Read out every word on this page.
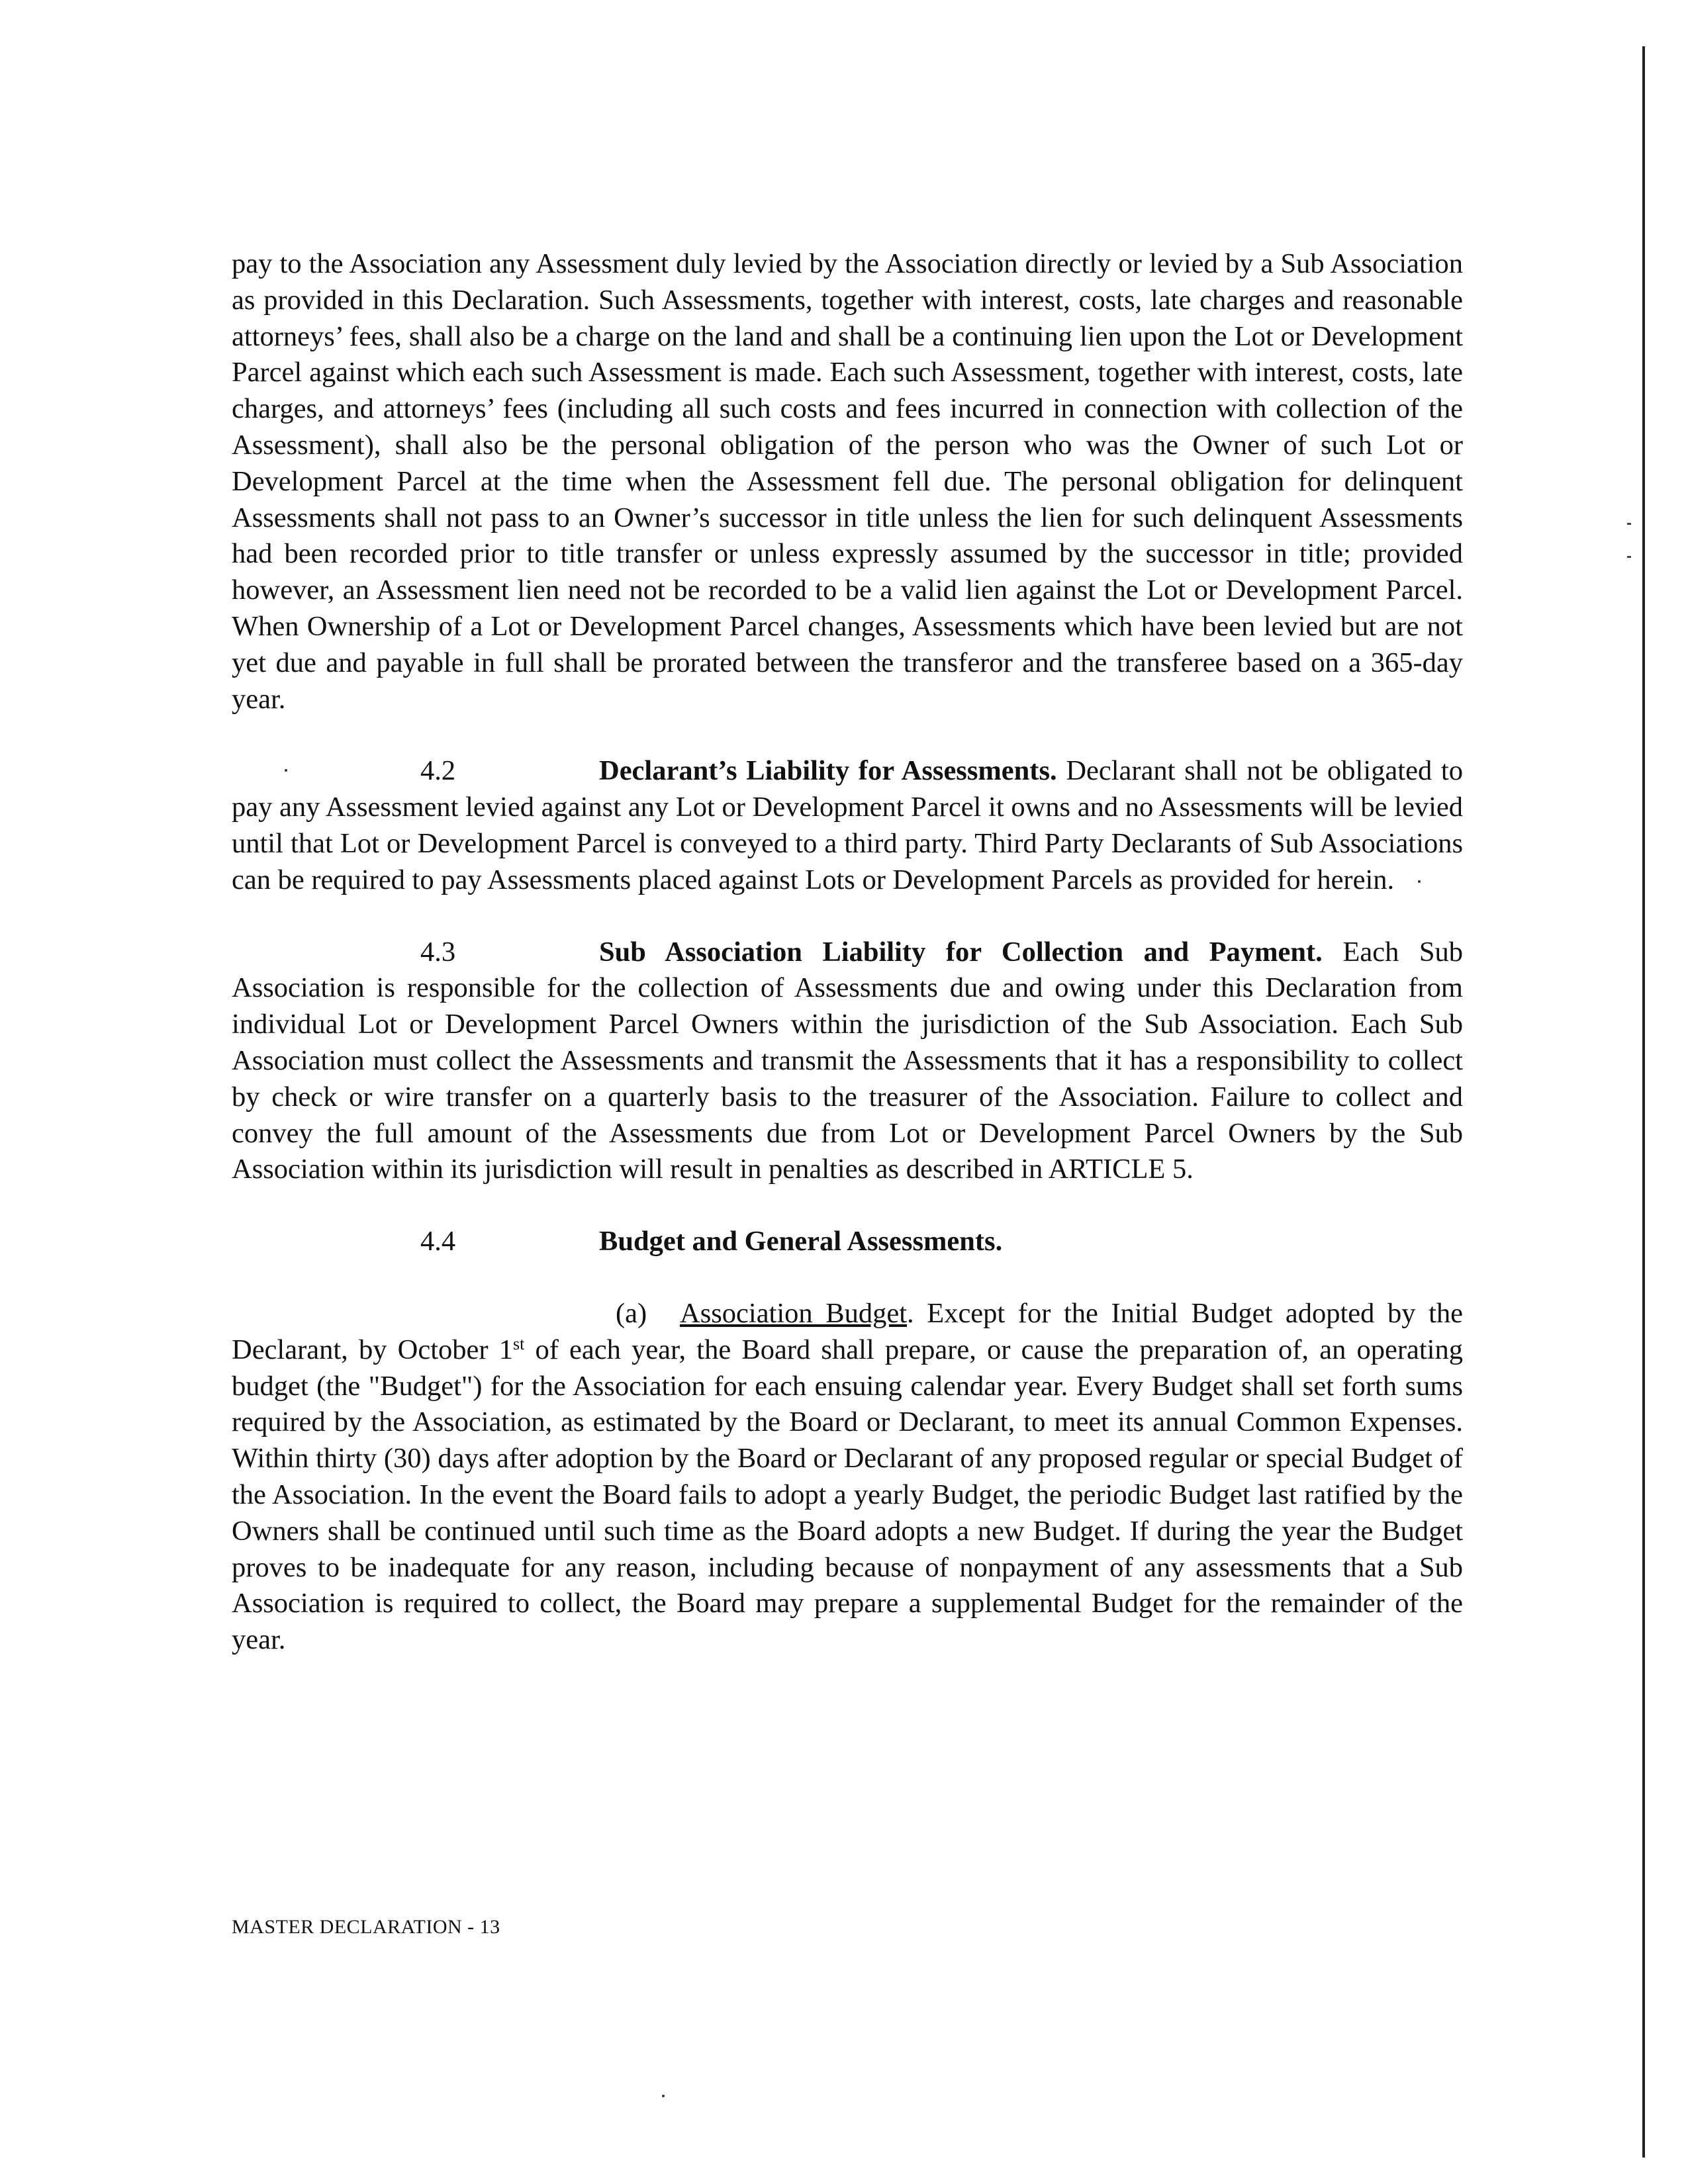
pay to the Association any Assessment duly levied by the Association directly or levied by a Sub Association as provided in this Declaration. Such Assessments, together with interest, costs, late charges and reasonable attorneys’ fees, shall also be a charge on the land and shall be a continuing lien upon the Lot or Development Parcel against which each such Assessment is made. Each such Assessment, together with interest, costs, late charges, and attorneys’ fees (including all such costs and fees incurred in connection with collection of the Assessment), shall also be the personal obligation of the person who was the Owner of such Lot or Development Parcel at the time when the Assessment fell due. The personal obligation for delinquent Assessments shall not pass to an Owner’s successor in title unless the lien for such delinquent Assessments had been recorded prior to title transfer or unless expressly assumed by the successor in title; provided however, an Assessment lien need not be recorded to be a valid lien against the Lot or Development Parcel. When Ownership of a Lot or Development Parcel changes, Assessments which have been levied but are not yet due and payable in full shall be prorated between the transferor and the transferee based on a 365-day year.

4.2	Declarant’s Liability for Assessments. Declarant shall not be obligated to pay any Assessment levied against any Lot or Development Parcel it owns and no Assessments will be levied until that Lot or Development Parcel is conveyed to a third party. Third Party Declarants of Sub Associations can be required to pay Assessments placed against Lots or Development Parcels as provided for herein.

4.3	Sub Association Liability for Collection and Payment. Each Sub Association is responsible for the collection of Assessments due and owing under this Declaration from individual Lot or Development Parcel Owners within the jurisdiction of the Sub Association. Each Sub Association must collect the Assessments and transmit the Assessments that it has a responsibility to collect by check or wire transfer on a quarterly basis to the treasurer of the Association. Failure to collect and convey the full amount of the Assessments due from Lot or Development Parcel Owners by the Sub Association within its jurisdiction will result in penalties as described in ARTICLE 5.

4.4	Budget and General Assessments.

(a) Association Budget. Except for the Initial Budget adopted by the Declarant, by October 1st of each year, the Board shall prepare, or cause the preparation of, an operating budget (the "Budget") for the Association for each ensuing calendar year. Every Budget shall set forth sums required by the Association, as estimated by the Board or Declarant, to meet its annual Common Expenses. Within thirty (30) days after adoption by the Board or Declarant of any proposed regular or special Budget of the Association. In the event the Board fails to adopt a yearly Budget, the periodic Budget last ratified by the Owners shall be continued until such time as the Board adopts a new Budget. If during the year the Budget proves to be inadequate for any reason, including because of nonpayment of any assessments that a Sub Association is required to collect, the Board may prepare a supplemental Budget for the remainder of the year.

MASTER DECLARATION - 13
